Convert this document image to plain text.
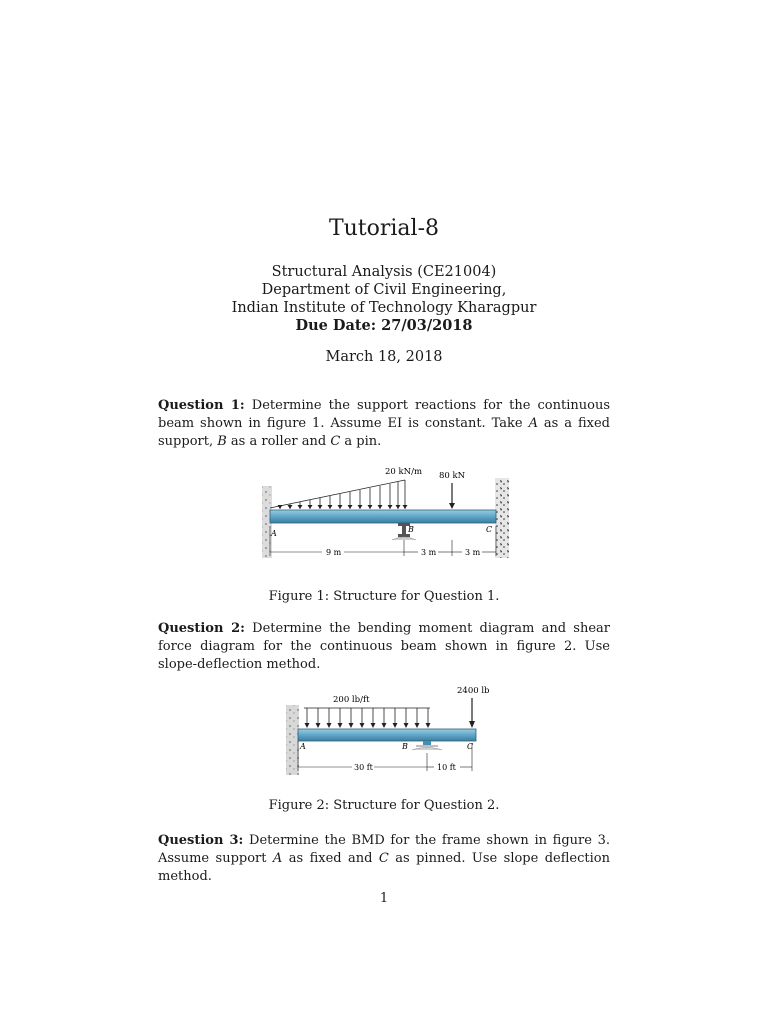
Tutorial-8
Structural Analysis (CE21004)
Department of Civil Engineering,
Indian Institute of Technology Kharagpur
Due Date: 27/03/2018
March 18, 2018
Question 1: Determine the support reactions for the continuous beam shown in figure 1. Assume EI is constant. Take A as a fixed support, B as a roller and C a pin.
20 kN/m 80 kN
B
A	C
9 m	3 m	3 m
Figure 1: Structure for Question 1.
Question 2: Determine the bending moment diagram and shear force diagram for the continuous beam shown in figure 2. Use slope-deflection method.
200 lb/ft
2400 lb
A	B	C
30 ft	10 ft
Figure 2: Structure for Question 2.
Question 3: Determine the BMD for the frame shown in figure 3. Assume support A as fixed and C as pinned. Use slope deflection method.
1
